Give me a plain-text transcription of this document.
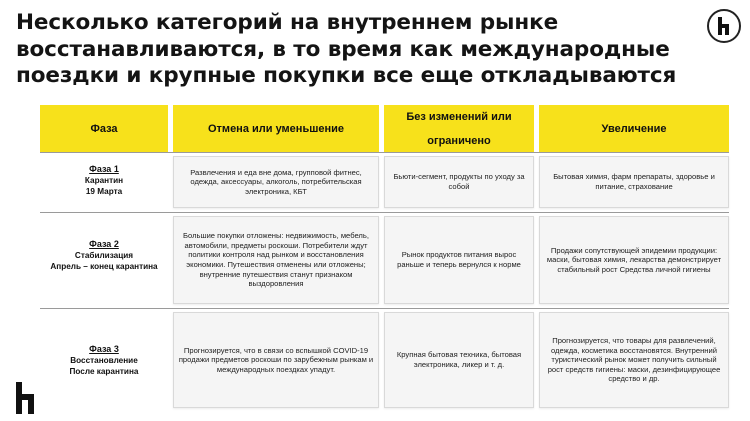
Несколько категорий на внутреннем рынке восстанавливаются, в то время как международные поездки и крупные покупки все еще откладываются
Фаза	Отмена или уменьшение
Без изменений или ограничено
Увеличение
Фаза 1
Карантин
19 Марта
Развлечения и еда вне дома, групповой фитнес, одежда, аксессуары, алкоголь, потребительская электроника, КБТ
Бьюти-сегмент, продукты по уходу за собой
Бытовая химия, фарм препараты, здоровье и питание, страхование
Фаза 2
Стабилизация
Апрель – конец карантина
Большие покупки отложены: недвижимость, мебель, автомобили, предметы роскоши. Потребители ждут политики контроля над рынком и восстановления экономики. Путешествия отменены или отложены; внутренние путешествия станут признаком выздоровления
Рынок продуктов питания вырос раньше и теперь вернулся к норме
Продажи сопутствующей эпидемии продукции: маски, бытовая химия, лекарства демонстрирует стабильный рост Средства личной гигиены
Фаза 3
Восстановление
После карантина
Прогнозируется, что в связи со вспышкой COVID-19 продажи предметов роскоши по зарубежным рынкам и международных поездках упадут.
Крупная бытовая техника, бытовая электроника, ликер и т. д.
Прогнозируется, что товары для развлечений, одежда, косметика восстановятся. Внутренний туристический рынок может получить сильный рост средств гигиены: маски, дезинфицирующее средство и др.
